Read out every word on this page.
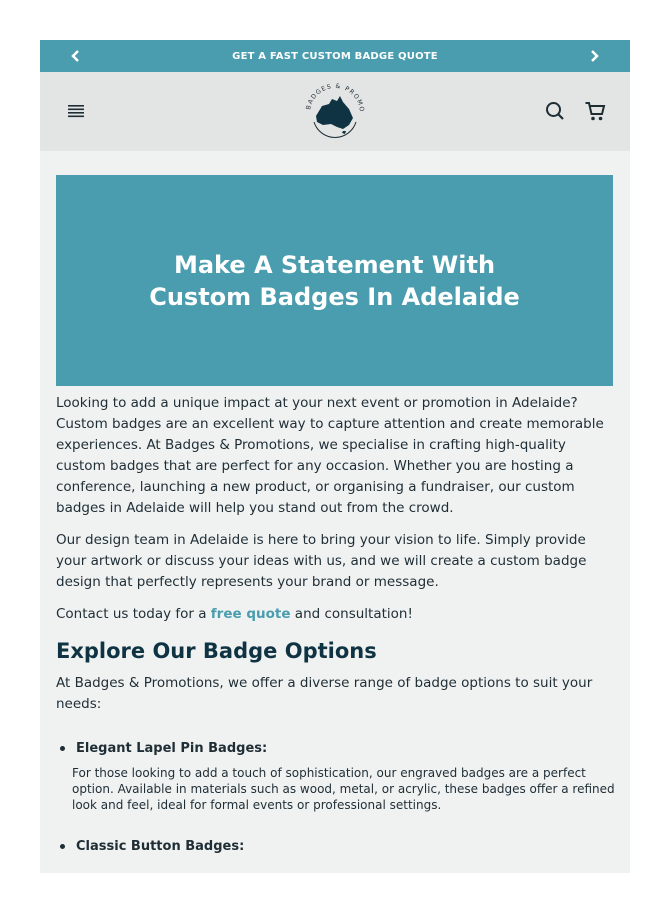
GET A FAST CUSTOM BADGE QUOTE
BADGES & PROMO
Make A Statement With Custom Badges In Adelaide

Looking to add a unique impact at your next event or promotion in Adelaide? Custom badges are an excellent way to capture attention and create memorable experiences. At Badges & Promotions, we specialise in crafting high-quality custom badges that are perfect for any occasion. Whether you are hosting a conference, launching a new product, or organising a fundraiser, our custom badges in Adelaide will help you stand out from the crowd.

Our design team in Adelaide is here to bring your vision to life. Simply provide your artwork or discuss your ideas with us, and we will create a custom badge design that perfectly represents your brand or message.

Contact us today for a free quote and consultation!

Explore Our Badge Options

At Badges & Promotions, we offer a diverse range of badge options to suit your needs:

Elegant Lapel Pin Badges:
For those looking to add a touch of sophistication, our engraved badges are a perfect option. Available in materials such as wood, metal, or acrylic, these badges offer a refined look and feel, ideal for formal events or professional settings.
Classic Button Badges:
